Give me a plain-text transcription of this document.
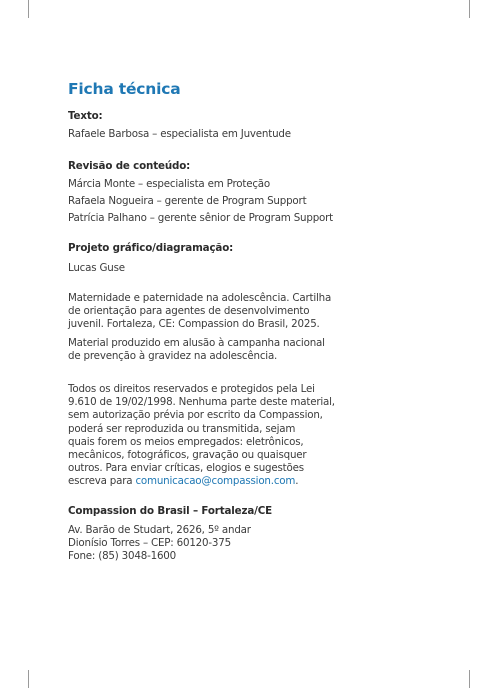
Ficha técnica
Texto:
Rafaele Barbosa – especialista em Juventude
Revisão de conteúdo:
Márcia Monte – especialista em Proteção
Rafaela Nogueira – gerente de Program Support
Patrícia Palhano – gerente sênior de Program Support
Projeto gráfico/diagramação:
Lucas Guse
Maternidade e paternidade na adolescência. Cartilha
de orientação para agentes de desenvolvimento
juvenil. Fortaleza, CE: Compassion do Brasil, 2025.
Material produzido em alusão à campanha nacional
de prevenção à gravidez na adolescência.
Todos os direitos reservados e protegidos pela Lei
9.610 de 19/02/1998. Nenhuma parte deste material,
sem autorização prévia por escrito da Compassion,
poderá ser reproduzida ou transmitida, sejam
quais forem os meios empregados: eletrônicos,
mecânicos, fotográficos, gravação ou quaisquer
outros. Para enviar críticas, elogios e sugestões
escreva para comunicacao@compassion.com.
Compassion do Brasil – Fortaleza/CE
Av. Barão de Studart, 2626, 5º andar
Dionísio Torres – CEP: 60120-375
Fone: (85) 3048-1600
